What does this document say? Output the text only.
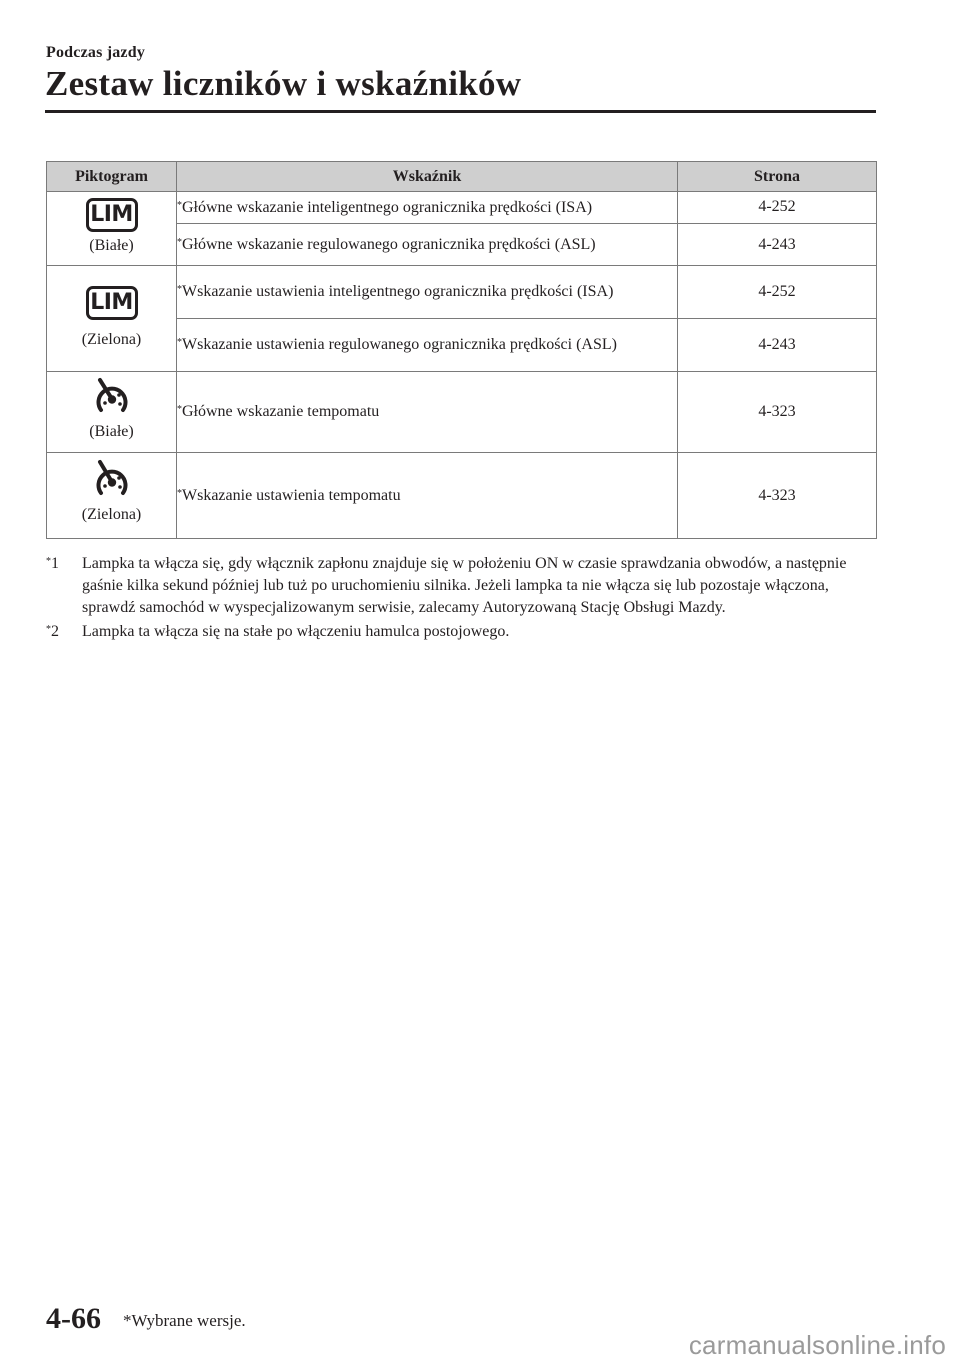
Podczas jazdy
Zestaw liczników i wskaźników
Piktogram	Wskaźnik	Strona

LIM
(Białe)	*Główne wskazanie inteligentnego ogranicznika prędkości (ISA)	4-252
	*Główne wskazanie regulowanego ogranicznika prędkości (ASL)	4-243

LIM
(Zielona)	*Wskazanie ustawienia inteligentnego ogranicznika prędkości (ISA)	4-252
	*Wskazanie ustawienia regulowanego ogranicznika prędkości (ASL)	4-243

(Białe)	*Główne wskazanie tempomatu	4-323

(Zielona)	*Wskazanie ustawienia tempomatu	4-323
*1	Lampka ta włącza się, gdy włącznik zapłonu znajduje się w położeniu ON w czasie sprawdzania obwodów, a następnie gaśnie kilka sekund później lub tuż po uruchomieniu silnika. Jeżeli lampka ta nie włącza się lub pozostaje włączona, sprawdź samochód w wyspecjalizowanym serwisie, zalecamy Autoryzowaną Stację Obsługi Mazdy.
*2	Lampka ta włącza się na stałe po włączeniu hamulca postojowego.
4-66 *Wybrane wersje.
carmanualsonline.info
